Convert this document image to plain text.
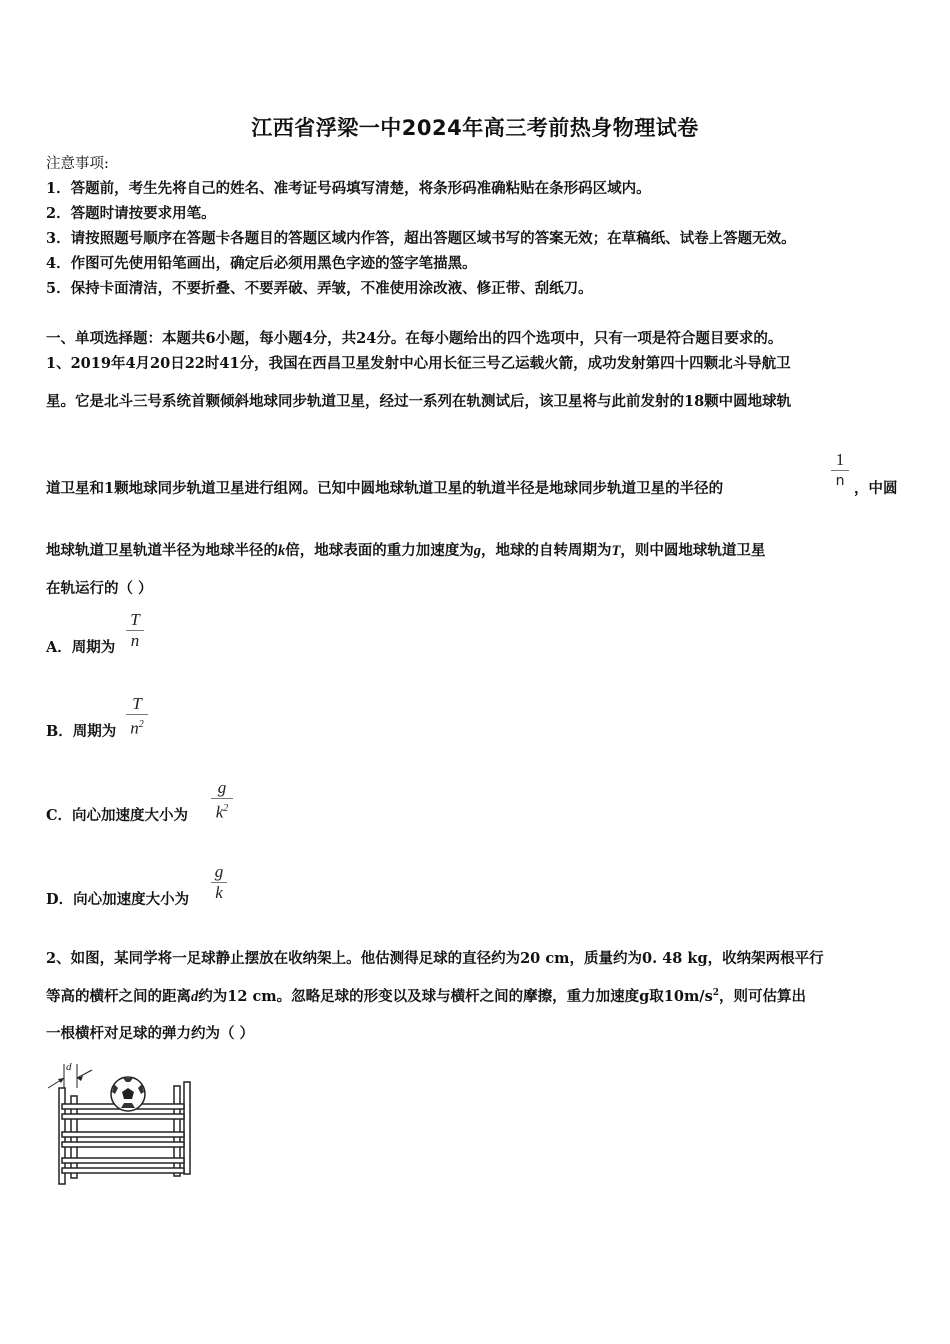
江西省浮梁一中2024年高三考前热身物理试卷
注意事项:
1．答题前，考生先将自己的姓名、准考证号码填写清楚，将条形码准确粘贴在条形码区域内。
2．答题时请按要求用笔。
3．请按照题号顺序在答题卡各题目的答题区域内作答，超出答题区域书写的答案无效；在草稿纸、试卷上答题无效。
4．作图可先使用铅笔画出，确定后必须用黑色字迹的签字笔描黑。
5．保持卡面清洁，不要折叠、不要弄破、弄皱，不准使用涂改液、修正带、刮纸刀。
一、单项选择题：本题共6小题，每小题4分，共24分。在每小题给出的四个选项中，只有一项是符合题目要求的。
1、2019年4月20日22时41分，我国在西昌卫星发射中心用长征三号乙运载火箭，成功发射第四十四颗北斗导航卫
星。它是北斗三号系统首颗倾斜地球同步轨道卫星，经过一系列在轨测试后，该卫星将与此前发射的18颗中圆地球轨
道卫星和1颗地球同步轨道卫星进行组网。已知中圆地球轨道卫星的轨道半径是地球同步轨道卫星的半径的
1
n ，中圆
地球轨道卫星轨道半径为地球半径的k倍，地球表面的重力加速度为g，地球的自转周期为T，则中圆地球轨道卫星
在轨运行的（ ）
A．周期为
T
n
B．周期为
T
$n^2$
C．向心加速度大小为
g
$k^2$
D．向心加速度大小为
g
k
2、如图，某同学将一足球静止摆放在收纳架上。他估测得足球的直径约为20 cm，质量约为0. 48 kg，收纳架两根平行
等高的横杆之间的距离d约为12 cm。忽略足球的形变以及球与横杆之间的摩擦，重力加速度g取$10m/s^2$，则可估算出
一根横杆对足球的弹力约为（ ）
d
